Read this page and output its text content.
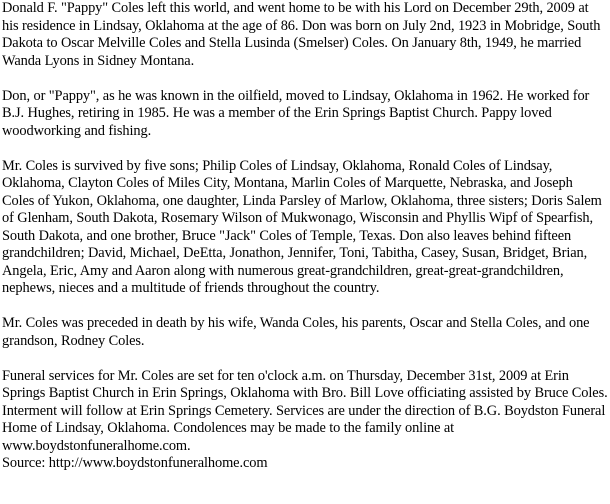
Donald F. "Pappy" Coles left this world, and went home to be with his Lord on December 29th, 2009 at his residence in Lindsay, Oklahoma at the age of 86. Don was born on July 2nd, 1923 in Mobridge, South Dakota to Oscar Melville Coles and Stella Lusinda (Smelser) Coles. On January 8th, 1949, he married Wanda Lyons in Sidney Montana.

Don, or "Pappy", as he was known in the oilfield, moved to Lindsay, Oklahoma in 1962. He worked for B.J. Hughes, retiring in 1985. He was a member of the Erin Springs Baptist Church. Pappy loved woodworking and fishing.

Mr. Coles is survived by five sons; Philip Coles of Lindsay, Oklahoma, Ronald Coles of Lindsay, Oklahoma, Clayton Coles of Miles City, Montana, Marlin Coles of Marquette, Nebraska, and Joseph Coles of Yukon, Oklahoma, one daughter, Linda Parsley of Marlow, Oklahoma, three sisters; Doris Salem of Glenham, South Dakota, Rosemary Wilson of Mukwonago, Wisconsin and Phyllis Wipf of Spearfish, South Dakota, and one brother, Bruce "Jack" Coles of Temple, Texas. Don also leaves behind fifteen grandchildren; David, Michael, DeEtta, Jonathon, Jennifer, Toni, Tabitha, Casey, Susan, Bridget, Brian, Angela, Eric, Amy and Aaron along with numerous great-grandchildren, great-great-grandchildren, nephews, nieces and a multitude of friends throughout the country.

Mr. Coles was preceded in death by his wife, Wanda Coles, his parents, Oscar and Stella Coles, and one grandson, Rodney Coles.

Funeral services for Mr. Coles are set for ten o'clock a.m. on Thursday, December 31st, 2009 at Erin Springs Baptist Church in Erin Springs, Oklahoma with Bro. Bill Love officiating assisted by Bruce Coles. Interment will follow at Erin Springs Cemetery. Services are under the direction of B.G. Boydston Funeral Home of Lindsay, Oklahoma. Condolences may be made to the family online at www.boydstonfuneralhome.com.

Source: http://www.boydstonfuneralhome.com
